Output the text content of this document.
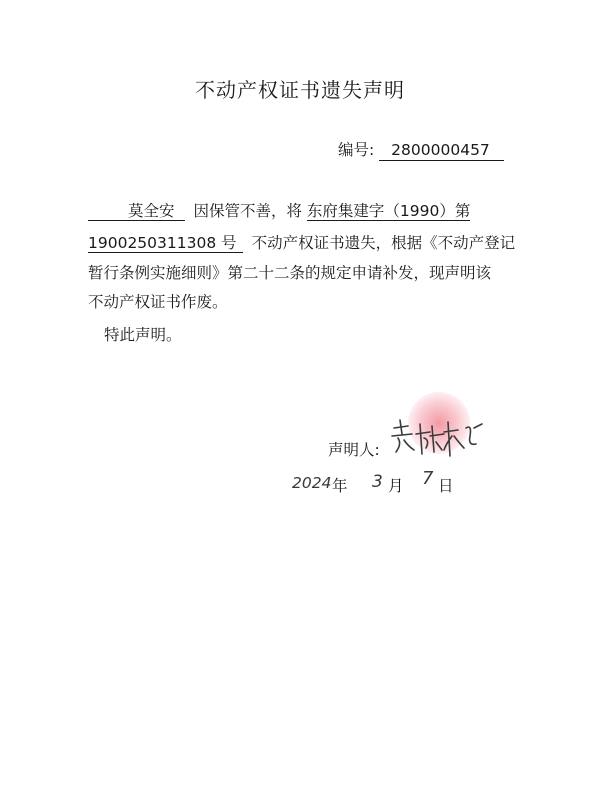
不动产权证书遗失声明
编号: 2800000457
莫全安 因保管不善，将 东府集建字（1990）第
1900250311308 号 不动产权证书遗失，根据《不动产登记
暂行条例实施细则》第二十二条的规定申请补发，现声明该
不动产权证书作废。
特此声明。
声明人:
2024 年 3 月 7 日
